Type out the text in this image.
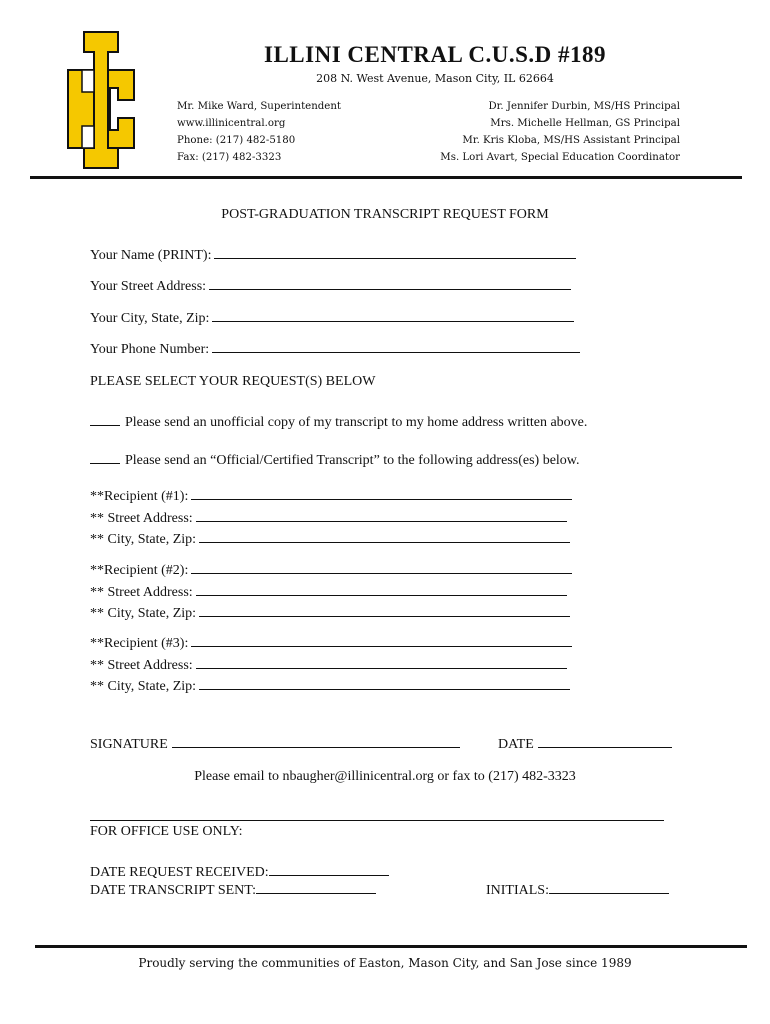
ILLINI CENTRAL C.U.S.D #189
208 N. West Avenue, Mason City, IL 62664
Mr. Mike Ward, Superintendent
www.illinicentral.org
Phone: (217) 482-5180
Fax: (217) 482-3323
Dr. Jennifer Durbin, MS/HS Principal
Mrs. Michelle Hellman, GS Principal
Mr. Kris Kloba, MS/HS Assistant Principal
Ms. Lori Avart, Special Education Coordinator
POST-GRADUATION TRANSCRIPT REQUEST FORM
Your Name (PRINT):
Your Street Address:
Your City, State, Zip:
Your Phone Number:
PLEASE SELECT YOUR REQUEST(S) BELOW
Please send an unofficial copy of my transcript to my home address written above.
Please send an “Official/Certified Transcript” to the following address(es) below.
**Recipient (#1):
** Street Address:
** City, State, Zip:
**Recipient (#2):
** Street Address:
** City, State, Zip:
**Recipient (#3):
** Street Address:
** City, State, Zip:
SIGNATURE	DATE
Please email to nbaugher@illinicentral.org or fax to (217) 482-3323
FOR OFFICE USE ONLY:
DATE REQUEST RECEIVED:
DATE TRANSCRIPT SENT:	INITIALS:
Proudly serving the communities of Easton, Mason City, and San Jose since 1989
